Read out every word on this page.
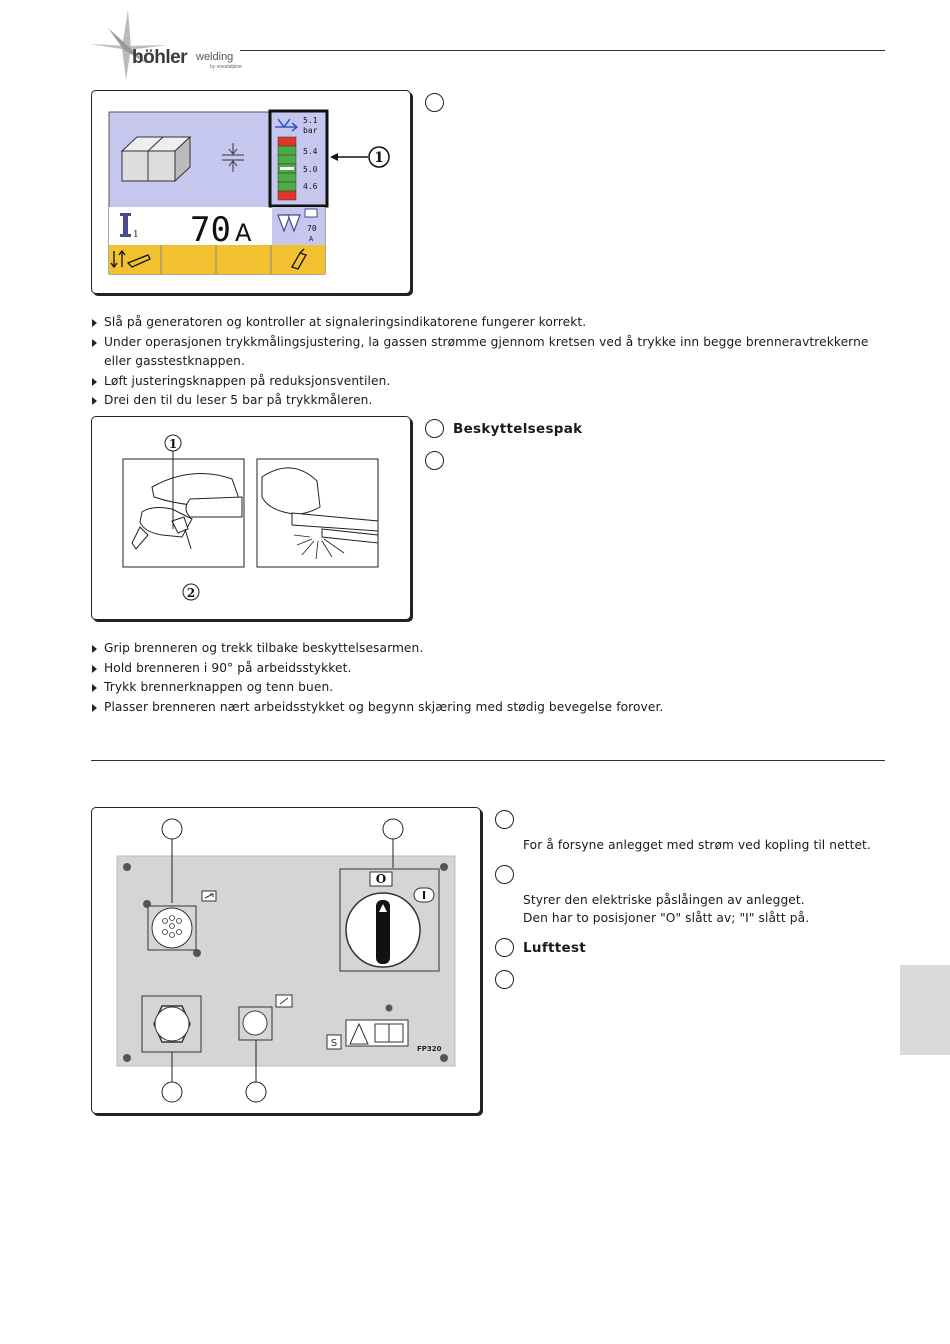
böhler welding
by voestalpine
5.1
bar
5.4
5.0
4.6
1
1 70 A	70
A
Slå på generatoren og kontroller at signaleringsindikatorene fungerer korrekt.
Under operasjonen trykkmålingsjustering, la gassen strømme gjennom kretsen ved å trykke inn begge brenneravtrekkerne eller gasstestknappen.
Løft justeringsknappen på reduksjonsventilen.
Drei den til du leser 5 bar på trykkmåleren.
1
2
Beskyttelsespak
Grip brenneren og trekk tilbake beskyttelsesarmen.
Hold brenneren i 90° på arbeidsstykket.
Trykk brennerknappen og tenn buen.
Plasser brenneren nært arbeidsstykket og begynn skjæring med stødig bevegelse forover.
O
I
S	FP320
For å forsyne anlegget med strøm ved kopling til nettet.
Styrer den elektriske påslåingen av anlegget.
Den har to posisjoner "O" slått av; "I" slått på.
Lufttest
